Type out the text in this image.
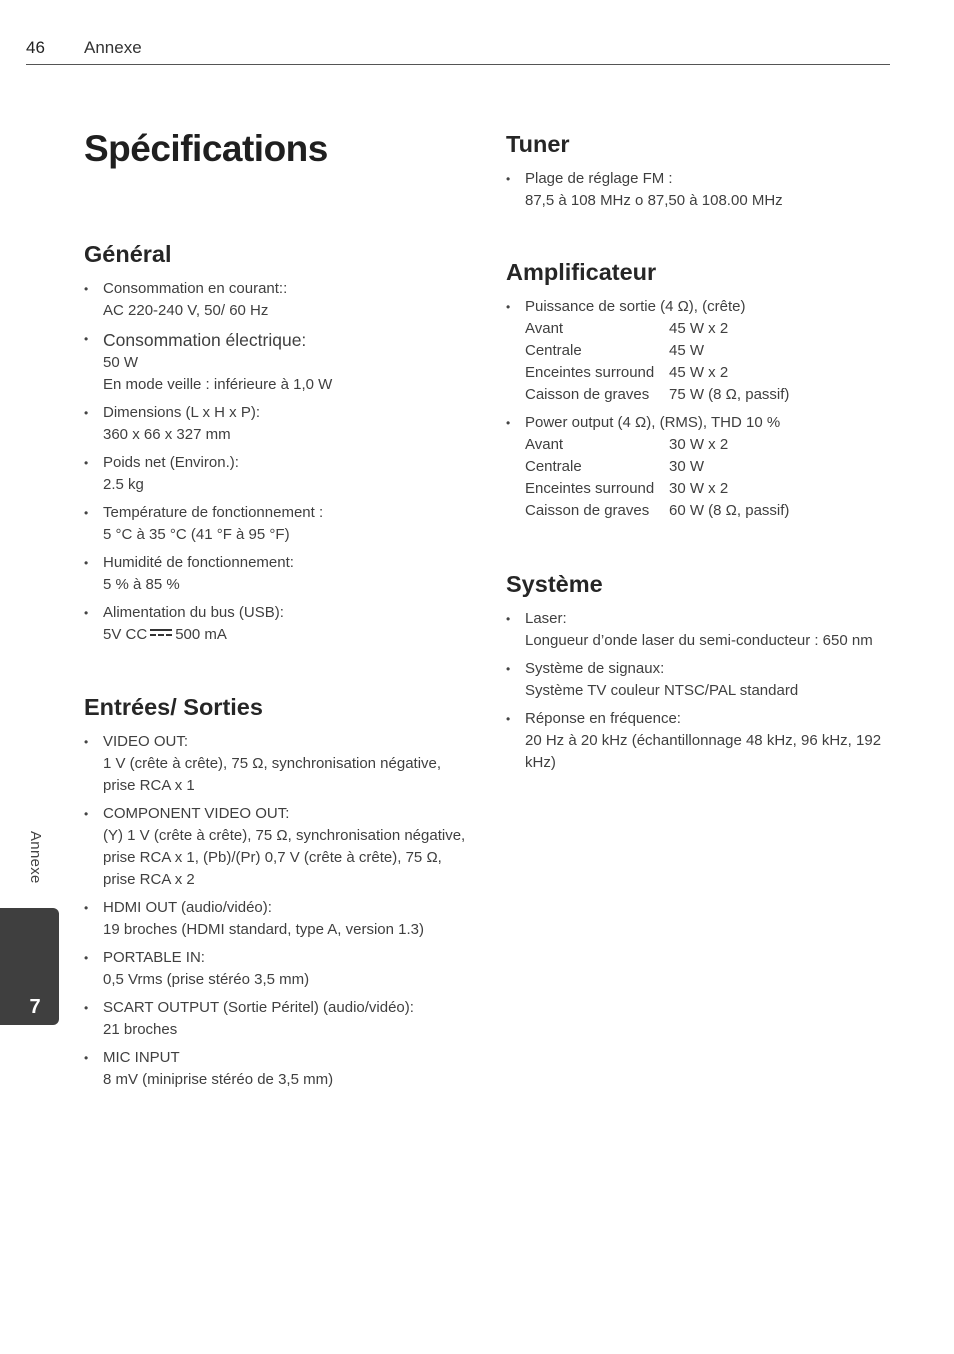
46 Annexe
Spécifications
Général
• Consommation en courant::
AC 220-240 V, 50/ 60 Hz
• Consommation électrique:
50 W
En mode veille : inférieure à 1,0 W
• Dimensions (L x H x P):
360 x 66 x 327 mm
• Poids net (Environ.):
2.5 kg
• Température de fonctionnement :
5 °C à 35 °C (41 °F à 95 °F)
• Humidité de fonctionnement:
5 % à 85 %
• Alimentation du bus (USB):
5V CC 500 mA
Entrées/ Sorties
• VIDEO OUT:
1 V (crête à crête), 75 Ω, synchronisation négative, prise RCA x 1
• COMPONENT VIDEO OUT:
(Y) 1 V (crête à crête), 75 Ω, synchronisation négative, prise RCA x 1, (Pb)/(Pr) 0,7 V (crête à crête), 75 Ω, prise RCA x 2
• HDMI OUT (audio/vidéo):
19 broches (HDMI standard, type A, version 1.3)
• PORTABLE IN:
0,5 Vrms (prise stéréo 3,5 mm)
• SCART OUTPUT (Sortie Péritel) (audio/vidéo):
21 broches
• MIC INPUT
8 mV (miniprise stéréo de 3,5 mm)
Tuner
• Plage de réglage FM :
87,5 à 108 MHz o 87,50 à 108.00 MHz
Amplificateur
• Puissance de sortie (4 Ω), (crête)
Avant	45 W x 2
Centrale	45 W
Enceintes surround	45 W x 2
Caisson de graves	75 W (8 Ω, passif)
• Power output (4 Ω), (RMS), THD 10 %
Avant	30 W x 2
Centrale	30 W
Enceintes surround	30 W x 2
Caisson de graves	60 W (8 Ω, passif)
Système
• Laser:
Longueur d’onde laser du semi-conducteur : 650 nm
• Système de signaux:
Système TV couleur NTSC/PAL standard
• Réponse en fréquence:
20 Hz à 20 kHz (échantillonnage 48 kHz, 96 kHz, 192 kHz)
Annexe
7
